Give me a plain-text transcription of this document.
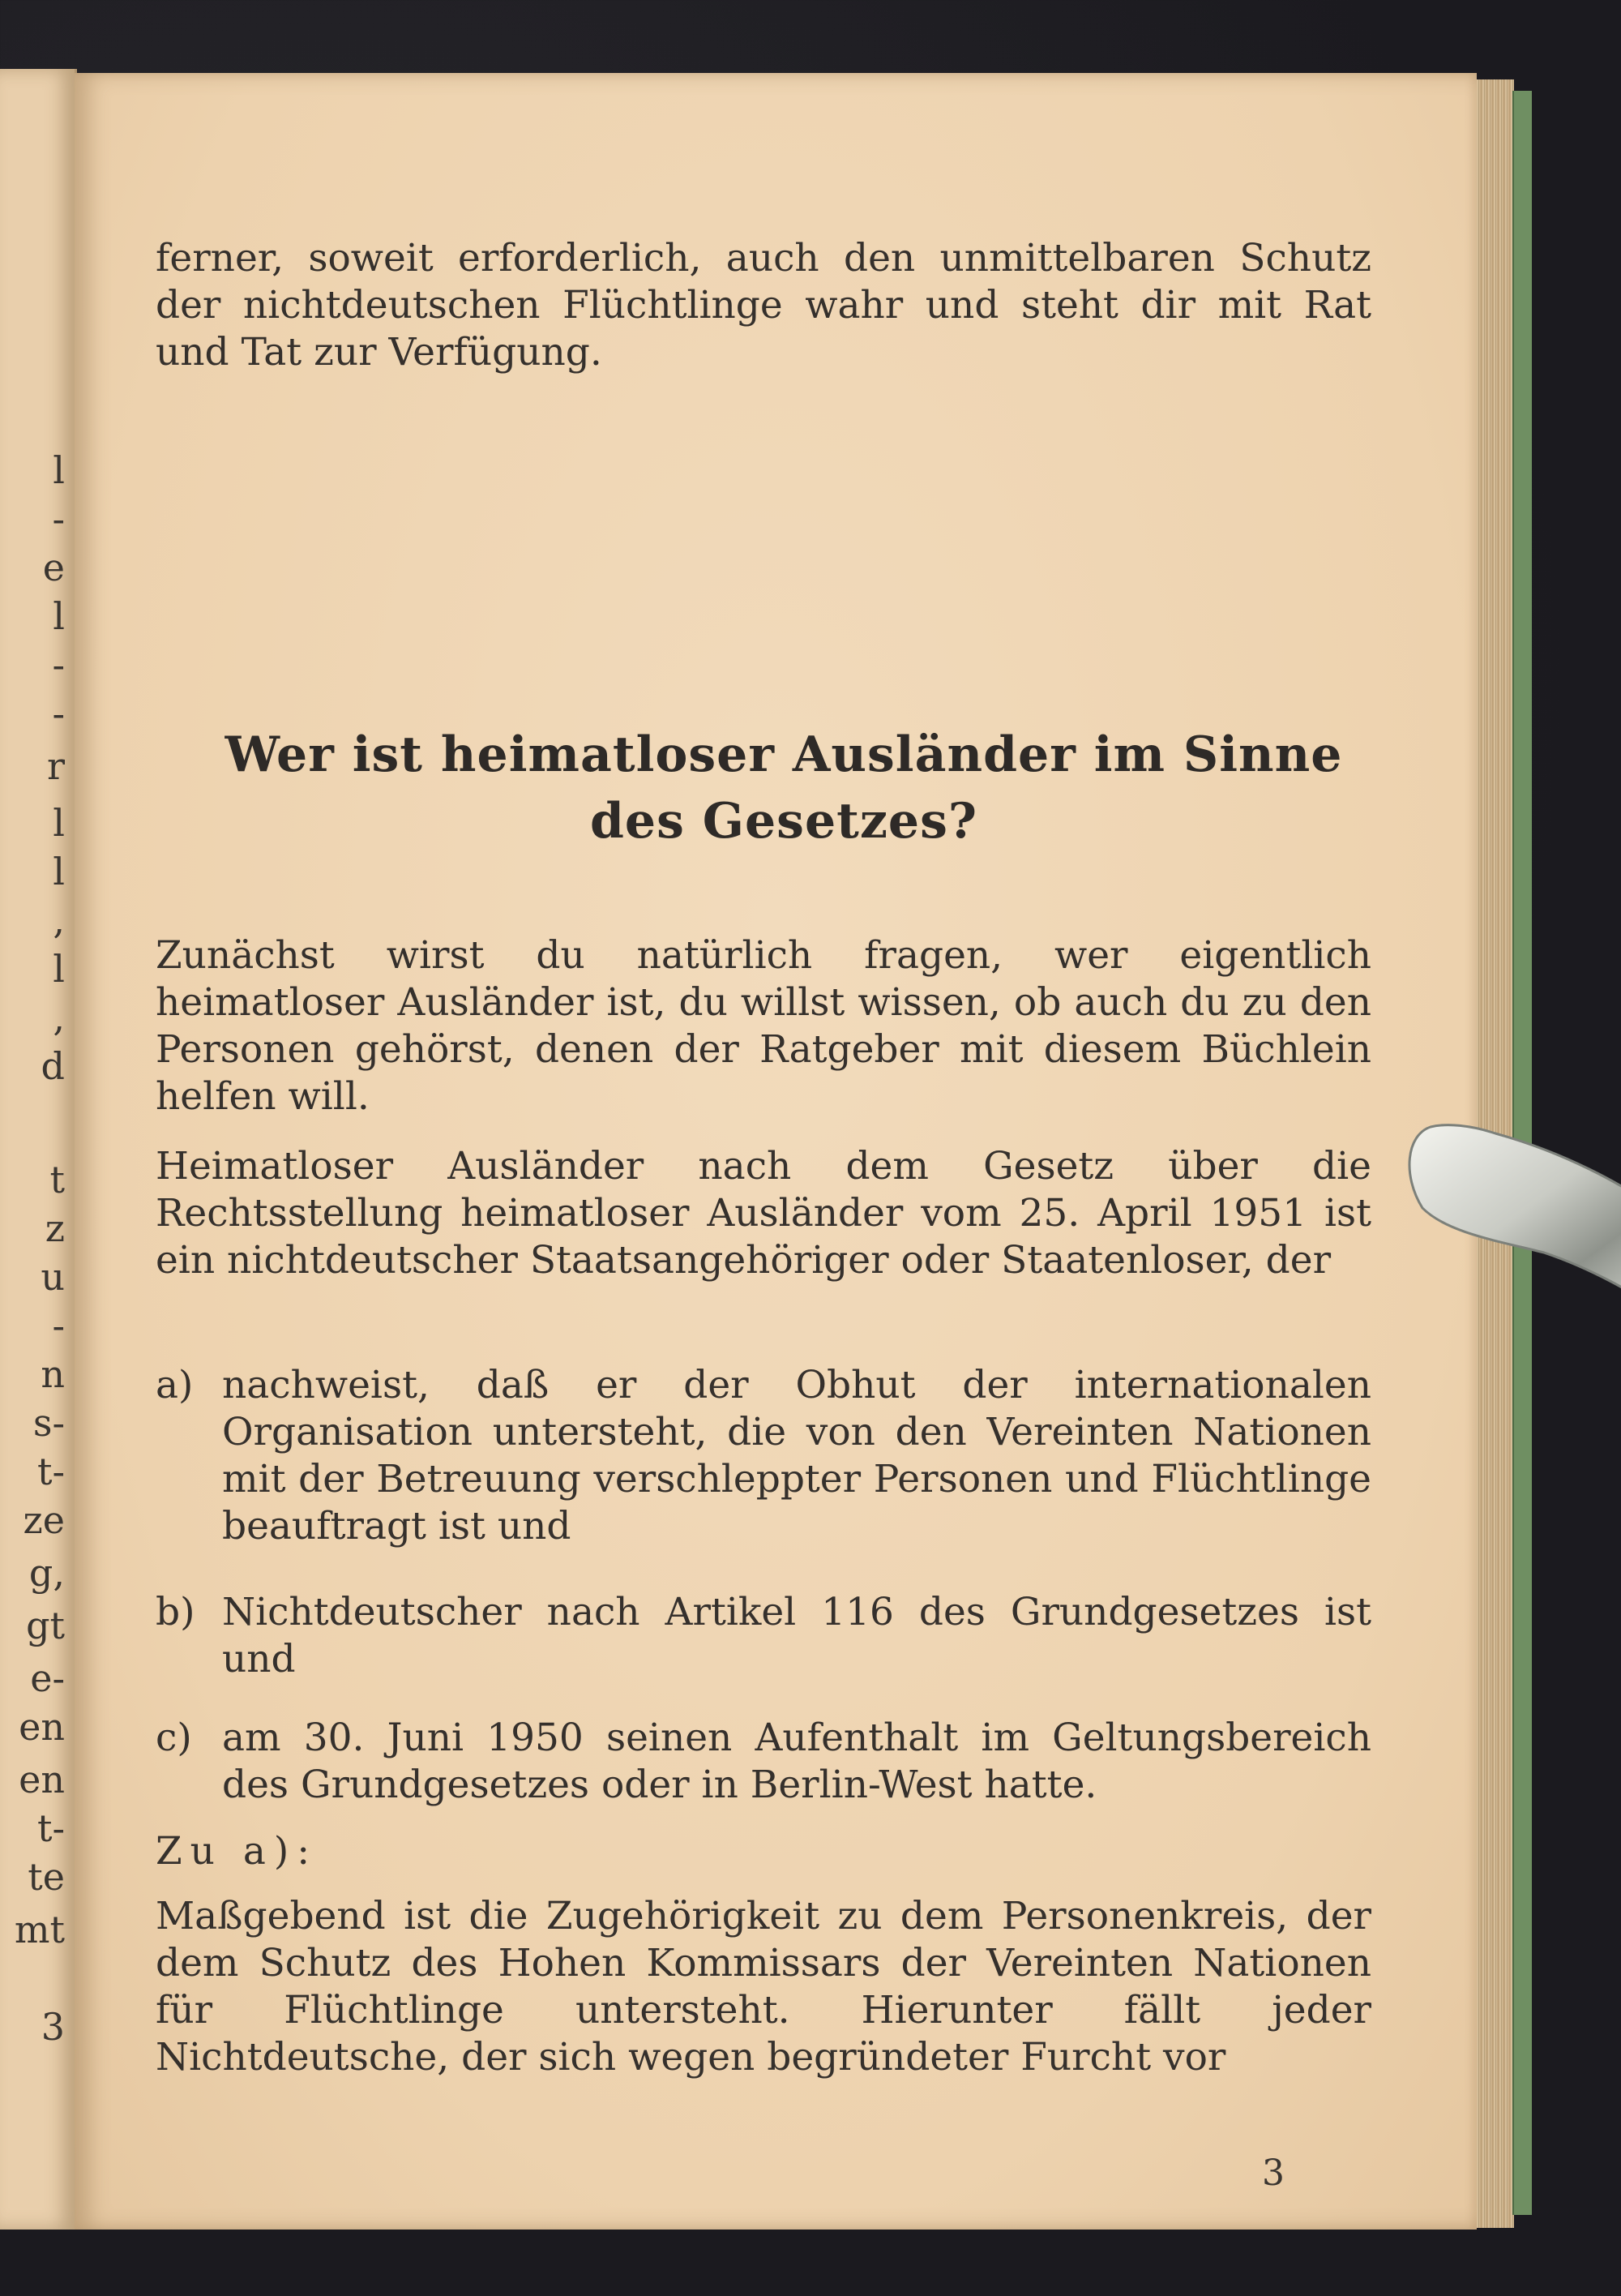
l
-
e
l
-
-
r
l
l
,
l
,
d
t
z
u
-
n
s-
t-
ze
g,
gt
e-
en
en
t-
te
mt
3

ferner, soweit erforderlich, auch den unmittelbaren Schutz der nichtdeutschen Flüchtlinge wahr und steht dir mit Rat und Tat zur Verfügung.

Wer ist heimatloser Ausländer im Sinne des Gesetzes?

Zunächst wirst du natürlich fragen, wer eigentlich heimatloser Ausländer ist, du willst wissen, ob auch du zu den Personen gehörst, denen der Ratgeber mit diesem Büchlein helfen will.

Heimatloser Ausländer nach dem Gesetz über die Rechtsstellung heimatloser Ausländer vom 25. April 1951 ist ein nichtdeutscher Staatsangehöriger oder Staatenloser, der

a) nachweist, daß er der Obhut der internationalen Organisation untersteht, die von den Vereinten Nationen mit der Betreuung verschleppter Personen und Flüchtlinge beauftragt ist und
b) Nichtdeutscher nach Artikel 116 des Grundgesetzes ist und
c) am 30. Juni 1950 seinen Aufenthalt im Geltungsbereich des Grundgesetzes oder in Berlin-West hatte.
Zu a):

Maßgebend ist die Zugehörigkeit zu dem Personenkreis, der dem Schutz des Hohen Kommissars der Vereinten Nationen für Flüchtlinge untersteht. Hierunter fällt jeder Nichtdeutsche, der sich wegen begründeter Furcht vor

3
